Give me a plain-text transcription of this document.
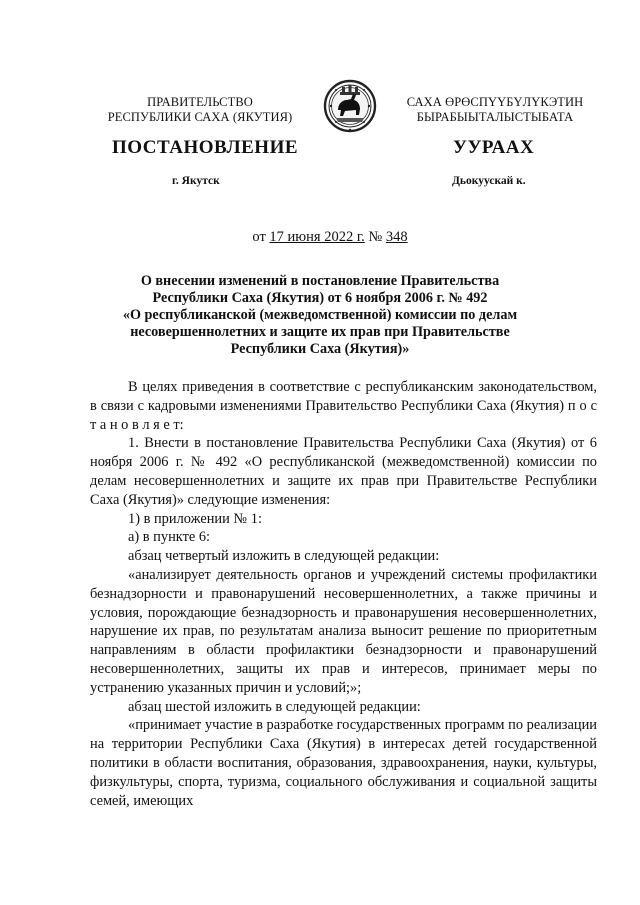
ПРАВИТЕЛЬСТВО
РЕСПУБЛИКИ САХА (ЯКУТИЯ)
САХА ӨРӨСПҮҮБҮЛҮКЭТИН
БЫРАБЫЫТАЛЫСТЫБАТА
ПОСТАНОВЛЕНИЕ	УУРААХ
г. Якутск	Дьокуускай к.
от 17 июня 2022 г. № 348
О внесении изменений в постановление Правительства
Республики Саха (Якутия) от 6 ноября 2006 г. № 492
«О республиканской (межведомственной) комиссии по делам
несовершеннолетних и защите их прав при Правительстве
Республики Саха (Якутия)»

В целях приведения в соответствие с республиканским законодательством, в связи с кадровыми изменениями Правительство Республики Саха (Якутия) п о с т а н о в л я е т:

1. Внести в постановление Правительства Республики Саха (Якутия) от 6 ноября 2006 г. № 492 «О республиканской (межведомственной) комиссии по делам несовершеннолетних и защите их прав при Правительстве Республики Саха (Якутия)» следующие изменения:

1) в приложении № 1:

а) в пункте 6:

абзац четвертый изложить в следующей редакции:

«анализирует деятельность органов и учреждений системы профилактики безнадзорности и правонарушений несовершеннолетних, а также причины и условия, порождающие безнадзорность и правонарушения несовершеннолетних, нарушение их прав, по результатам анализа выносит решение по приоритетным направлениям в области профилактики безнадзорности и правонарушений несовершеннолетних, защиты их прав и интересов, принимает меры по устранению указанных причин и условий;»;

абзац шестой изложить в следующей редакции:

«принимает участие в разработке государственных программ по реализации на территории Республики Саха (Якутия) в интересах детей государственной политики в области воспитания, образования, здравоохранения, науки, культуры, физкультуры, спорта, туризма, социального обслуживания и социальной защиты семей, имеющих
